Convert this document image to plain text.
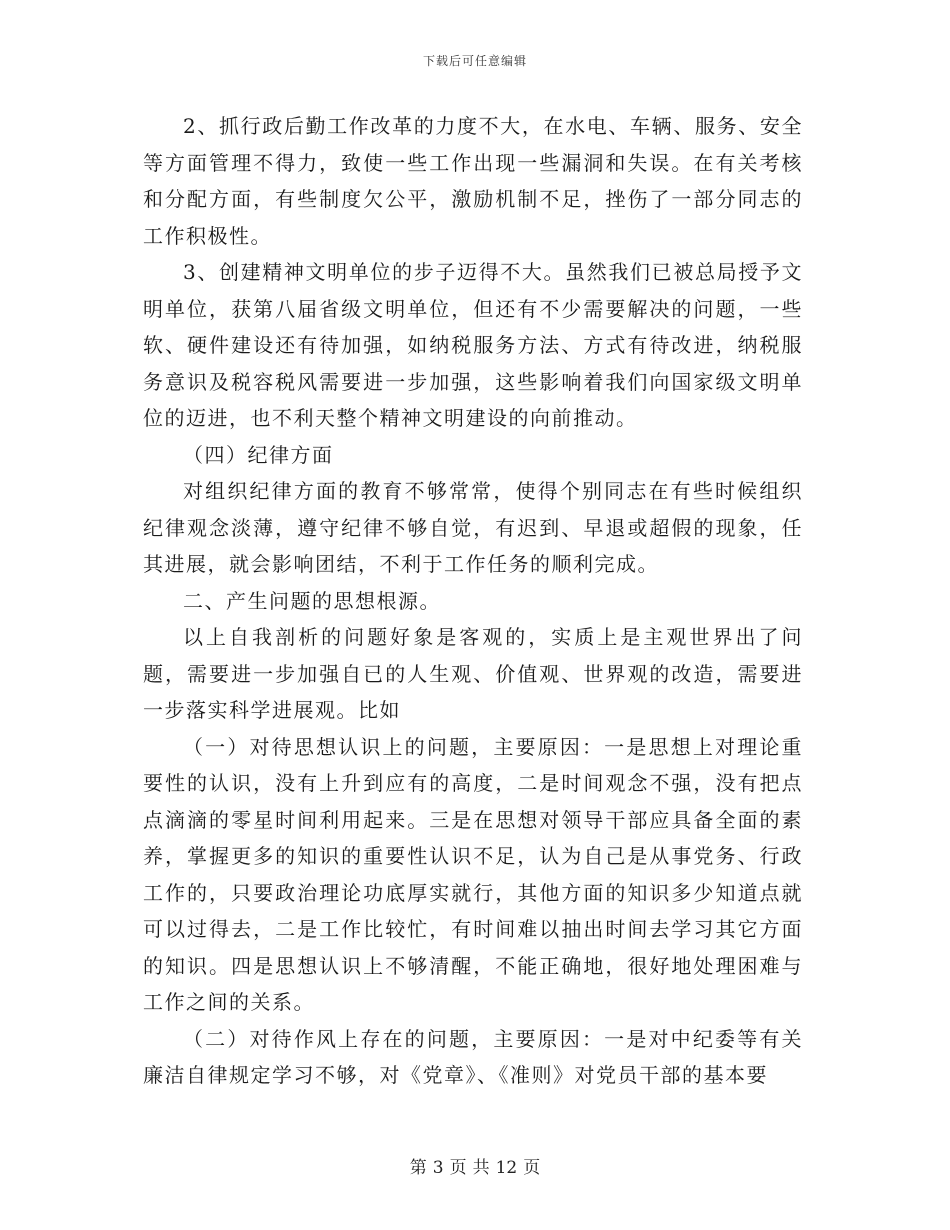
下载后可任意编辑

2、抓行政后勤工作改革的力度不大，在水电、车辆、服务、安全等方面管理不得力，致使一些工作出现一些漏洞和失误。在有关考核和分配方面，有些制度欠公平，激励机制不足，挫伤了一部分同志的工作积极性。

3、创建精神文明单位的步子迈得不大。虽然我们已被总局授予文明单位，获第八届省级文明单位，但还有不少需要解决的问题，一些软、硬件建设还有待加强，如纳税服务方法、方式有待改进，纳税服务意识及税容税风需要进一步加强，这些影响着我们向国家级文明单位的迈进，也不利天整个精神文明建设的向前推动。

（四）纪律方面

对组织纪律方面的教育不够常常，使得个别同志在有些时候组织纪律观念淡薄，遵守纪律不够自觉，有迟到、早退或超假的现象，任其进展，就会影响团结，不利于工作任务的顺利完成。

二、产生问题的思想根源。

以上自我剖析的问题好象是客观的，实质上是主观世界出了问题，需要进一步加强自已的人生观、价值观、世界观的改造，需要进一步落实科学进展观。比如

（一）对待思想认识上的问题，主要原因：一是思想上对理论重要性的认识，没有上升到应有的高度，二是时间观念不强，没有把点点滴滴的零星时间利用起来。三是在思想对领导干部应具备全面的素养，掌握更多的知识的重要性认识不足，认为自己是从事党务、行政工作的，只要政治理论功底厚实就行，其他方面的知识多少知道点就可以过得去，二是工作比较忙，有时间难以抽出时间去学习其它方面的知识。四是思想认识上不够清醒，不能正确地，很好地处理困难与工作之间的关系。

（二）对待作风上存在的问题，主要原因：一是对中纪委等有关廉洁自律规定学习不够，对《党章》、《准则》对党员干部的基本要

第 3 页 共 12 页
